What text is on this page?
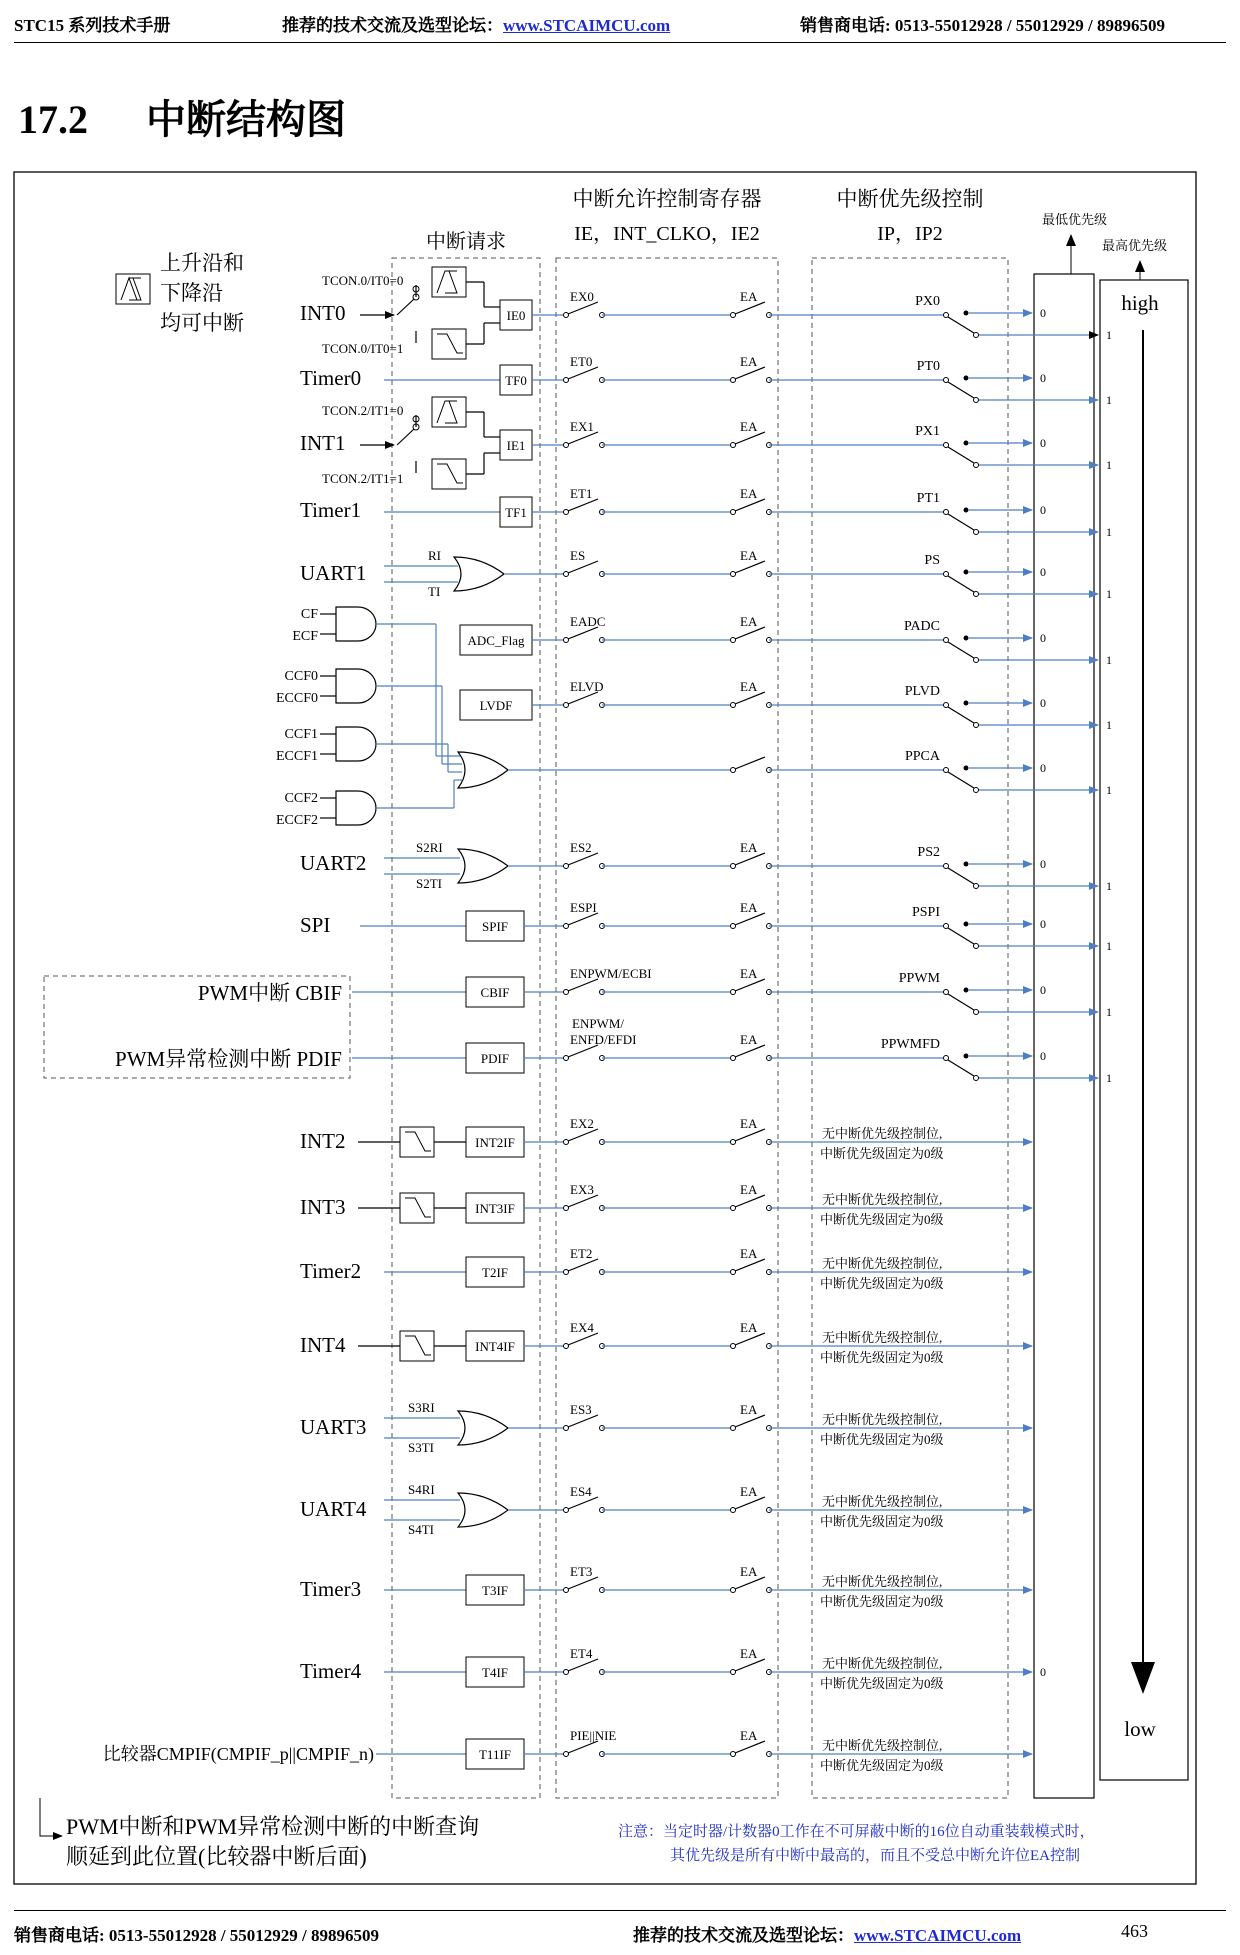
STC15 系列技术手册	推荐的技术交流及选型论坛：www.STCAIMCU.com	销售商电话: 0513-55012928 / 55012929 / 89896509
17.2 中断结构图
中断请求
中断允许控制寄存器
IE，INT_CLKO，IE2
中断优先级控制
IP，IP2
最低优先级
最高优先级
high
low
上升沿和
下降沿
均可中断	INT0
TCON.0/IT0=0
TCON.0/IT0=1
IE0
INT1
TCON.2/IT1=0
TCON.2/IT1=1
IE1
Timer0	TF0
Timer1	TF1
UART1
RI
TI
CF
ECF
CCF0
ECCF0
CCF1
ECCF1
CCF2
ECCF2
PPCA
0
1
ADC_Flag
LVDF
UART2
S2RI
S2TI
SPI	SPIF
PWM中断 CBIF	CBIF
PWM异常检测中断 PDIF	PDIF
EX0	EA	PX0
0
1
ET0	EA	PT0
0
1
EX1	EA	PX1
0
1
ET1	EA	PT1
0
1
ES	EA	PS
0
1
EADC	EA	PADC
0
1
ELVD	EA	PLVD
0
1
ES2	EA	PS2
0
1
ESPI	EA	PSPI
0
1
ENPWM/ECBI	EA	PPWM
0
1
ENFD/EFDI
ENPWM/
EA	PPWMFD
0
1
INT2	INT2IF
EX2	EA
无中断优先级控制位,
中断优先级固定为0级
INT3	INT3IF
EX3	EA
无中断优先级控制位,
中断优先级固定为0级
Timer2	T2IF
ET2	EA
无中断优先级控制位,
中断优先级固定为0级
INT4	INT4IF
EX4	EA
无中断优先级控制位,
中断优先级固定为0级
UART3
S3RI
S3TI
ES3	EA
无中断优先级控制位,
中断优先级固定为0级
UART4
S4RI
S4TI
ES4	EA
无中断优先级控制位,
中断优先级固定为0级
Timer3	T3IF
ET3	EA
无中断优先级控制位,
中断优先级固定为0级
Timer4	T4IF
ET4	EA
无中断优先级控制位,
中断优先级固定为0级
比较器CMPIF(CMPIF_p||CMPIF_n)	T11IF
PIE||NIE	EA
无中断优先级控制位,
中断优先级固定为0级
0
PWM中断和PWM异常检测中断的中断查询
顺延到此位置(比较器中断后面)
注意：当定时器/计数器0工作在不可屏蔽中断的16位自动重装载模式时，
其优先级是所有中断中最高的，而且不受总中断允许位EA控制
销售商电话: 0513-55012928 / 55012929 / 89896509	推荐的技术交流及选型论坛：www.STCAIMCU.com	463
